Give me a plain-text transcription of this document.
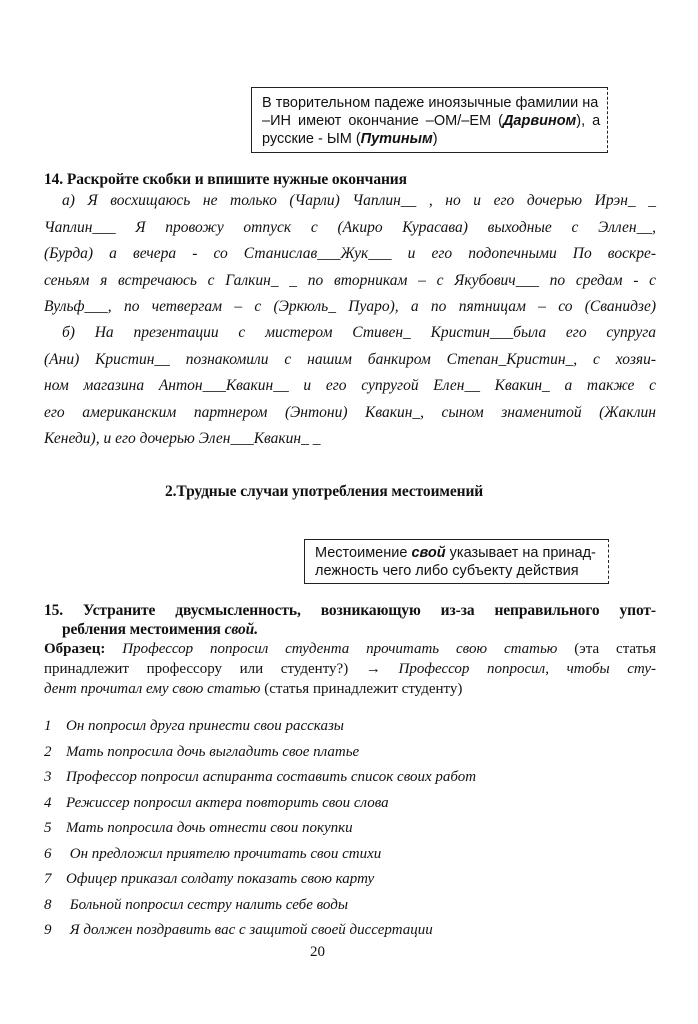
В творительном падеже иноязычные фамилии на
–ИН имеют окончание –ОМ/–ЕМ (Дарвином), а
русские - ЫМ (Путиным)
14. Раскройте скобки и впишите нужные окончания
а) Я восхищаюсь не только (Чарли) Чаплин__ , но и его дочерью Ирэн_ _
Чаплин___ Я провожу отпуск с (Акиро Курасава) выходные с Эллен__,
(Бурда) а вечера - со Станислав___Жук___ и его подопечными По воскре-
сеньям я встречаюсь с Галкин_ _ по вторникам – с Якубович___ по средам - с
Вульф___, по четвергам – с (Эркюль_ Пуаро), а по пятницам – со (Сванидзе)
б) На презентации с мистером Стивен_ Кристин___была его супруга
(Ани) Кристин__ познакомили с нашим банкиром Степан_Кристин_, с хозяи-
ном магазина Антон___Квакин__ и его супругой Елен__ Квакин_ а также с
его американским партнером (Энтони) Квакин_, сыном знаменитой (Жаклин
Кенеди), и его дочерью Элен___Квакин_ _
2.Трудные случаи употребления местоимений
Местоимение свой указывает на принад-
лежность чего либо субъекту действия
15. Устраните двусмысленность, возникающую из-за неправильного упот-
ребления местоимения свой.
Образец: Профессор попросил студента прочитать свою статью (эта статья
принадлежит профессору или студенту?) → Профессор попросил, чтобы сту-
дент прочитал ему свою статью (статья принадлежит студенту)
1 Он попросил друга принести свои рассказы
2 Мать попросила дочь выгладить свое платье
3 Профессор попросил аспиранта составить список своих работ
4 Режиссер попросил актера повторить свои слова
5 Мать попросила дочь отнести свои покупки
6 Он предложил приятелю прочитать свои стихи
7 Офицер приказал солдату показать свою карту
8 Больной попросил сестру налить себе воды
9 Я должен поздравить вас с защитой своей диссертации
20
